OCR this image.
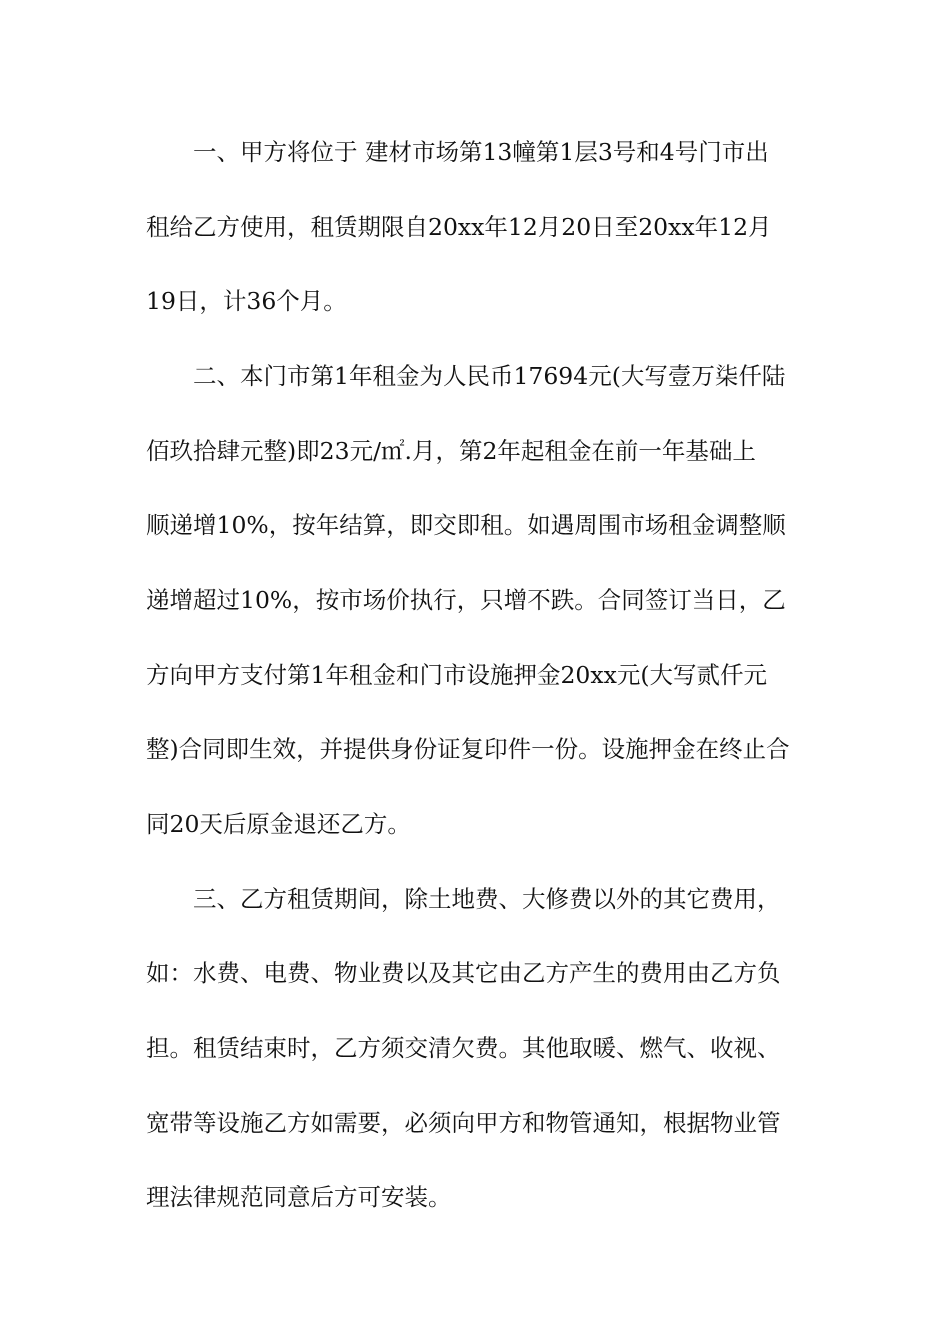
一、甲方将位于 建材市场第13幢第1层3号和4号门市出
租给乙方使用，租赁期限自20xx年12月20日至20xx年12月
19日，计36个月。
二、本门市第1年租金为人民币17694元(大写壹万柒仟陆
佰玖拾肆元整)即23元/㎡.月，第2年起租金在前一年基础上
顺递增10%，按年结算，即交即租。如遇周围市场租金调整顺
递增超过10%，按市场价执行，只增不跌。合同签订当日，乙
方向甲方支付第1年租金和门市设施押金20xx元(大写贰仟元
整)合同即生效，并提供身份证复印件一份。设施押金在终止合
同20天后原金退还乙方。
三、乙方租赁期间，除土地费、大修费以外的其它费用，
如：水费、电费、物业费以及其它由乙方产生的费用由乙方负
担。租赁结束时，乙方须交清欠费。其他取暖、燃气、收视、
宽带等设施乙方如需要，必须向甲方和物管通知，根据物业管
理法律规范同意后方可安装。
